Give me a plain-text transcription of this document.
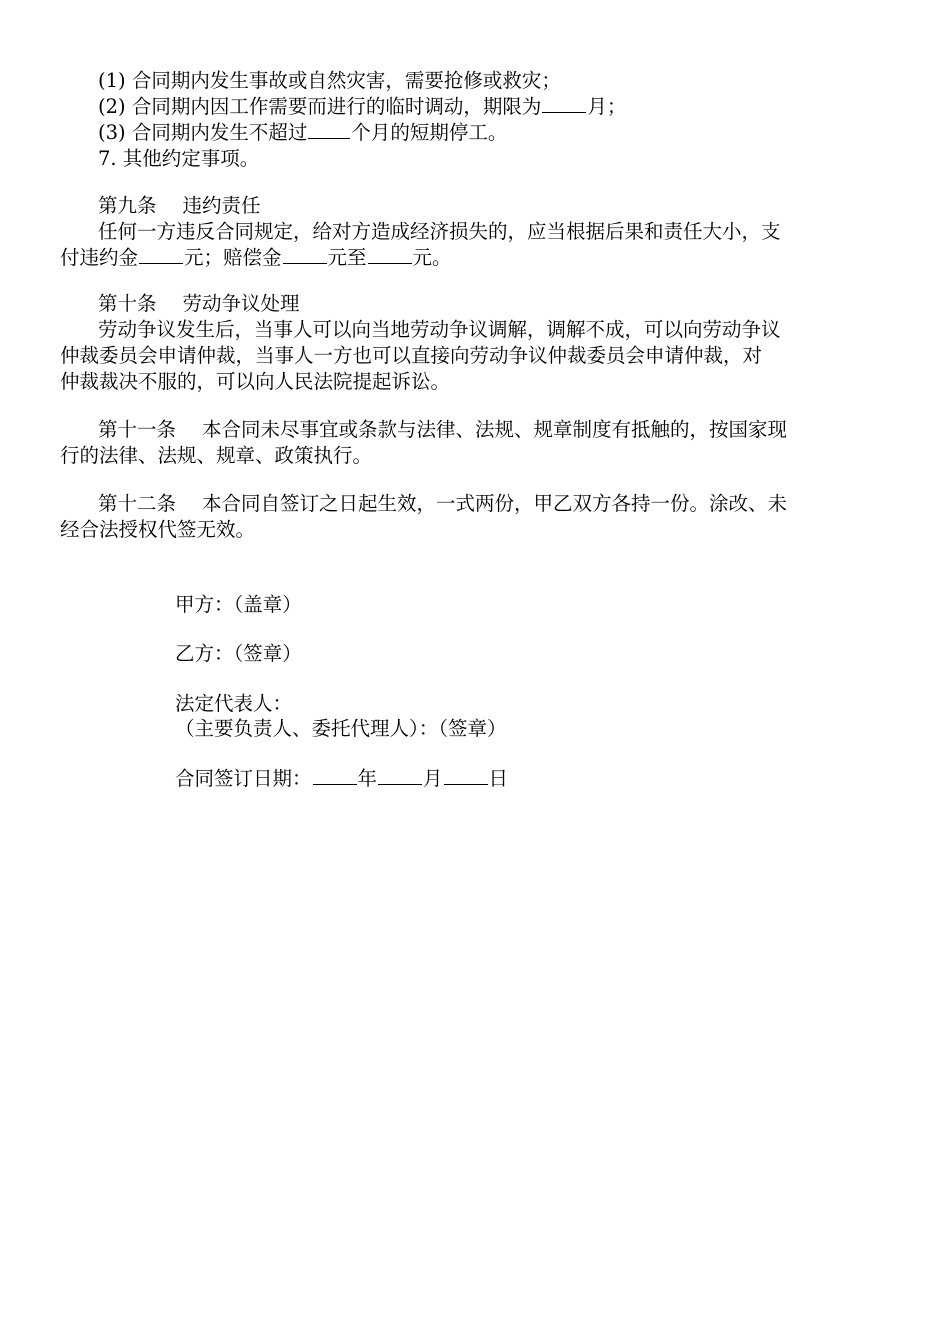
(1) 合同期内发生事故或自然灾害，需要抢修或救灾；
(2) 合同期内因工作需要而进行的临时调动，期限为 月；
(3) 合同期内发生不超过 个月的短期停工。
7. 其他约定事项。
第九条 违约责任
任何一方违反合同规定，给对方造成经济损失的，应当根据后果和责任大小，支
付违约金 元；赔偿金 元至 元。
第十条 劳动争议处理
劳动争议发生后，当事人可以向当地劳动争议调解，调解不成，可以向劳动争议
仲裁委员会申请仲裁，当事人一方也可以直接向劳动争议仲裁委员会申请仲裁，对
仲裁裁决不服的，可以向人民法院提起诉讼。
第十一条 本合同未尽事宜或条款与法律、法规、规章制度有抵触的，按国家现
行的法律、法规、规章、政策执行。
第十二条 本合同自签订之日起生效，一式两份，甲乙双方各持一份。涂改、未
经合法授权代签无效。
甲方：（盖章）
乙方：（签章）
法定代表人：
（主要负责人、委托代理人）：（签章）
合同签订日期： 年 月 日
